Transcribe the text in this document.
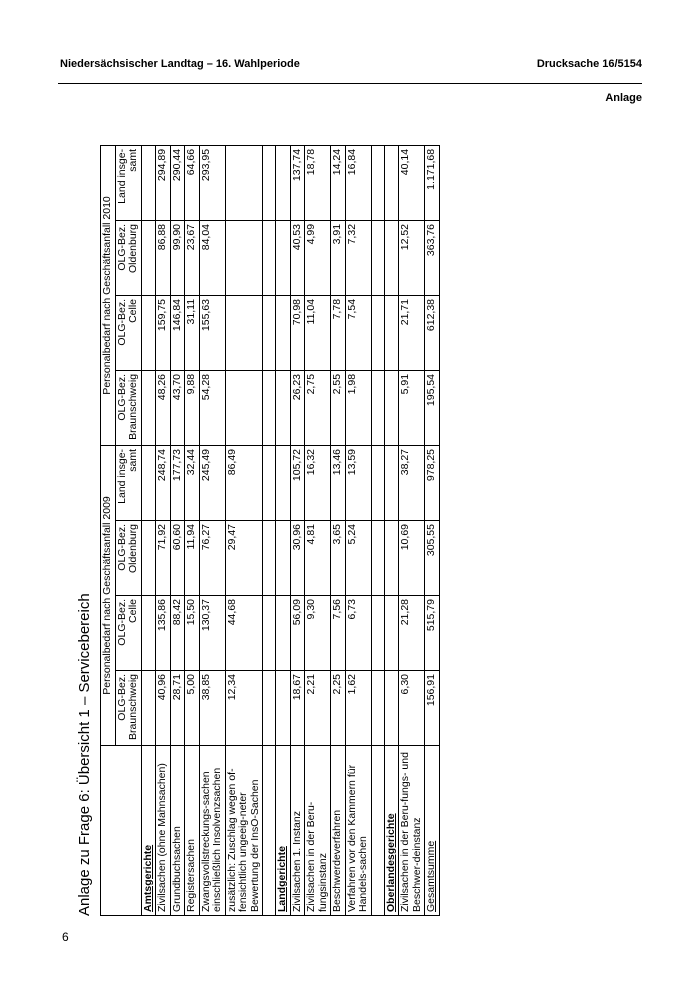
Niedersächsischer Landtag – 16. Wahlperiode	Drucksache 16/5154
Anlage
Anlage zu Frage 6: Übersicht 1 – Servicebereich
	Personalbedarf nach Geschäftsanfall 2009				Personalbedarf nach Geschäftsanfall 2010			
	OLG-Bez. Braunschweig	OLG-Bez. Celle	OLG-Bez. Oldenburg	Land insge-samt	OLG-Bez. Braunschweig	OLG-Bez. Celle	OLG-Bez. Oldenburg	Land insge-samt
Amtsgerichte								
Zivilsachen (ohne Mahnsachen)	40,96	135,86	71,92	248,74	48,26	159,75	86,88	294,89
Grundbuchsachen	28,71	88,42	60,60	177,73	43,70	146,84	99,90	290,44
Registersachen	5,00	15,50	11,94	32,44	9,88	31,11	23,67	64,66
Zwangsvollstreckungs-sachen einschließlich Insolvenzsachen	38,85	130,37	76,27	245,49	54,28	155,63	84,04	293,95
zusätzlich: Zuschlag wegen of-fensichtlich ungeeig-neter Bewertung der InsO-Sachen	12,34	44,68	29,47	86,49				

Landgerichte								
Zivilsachen 1. Instanz	18,67	56,09	30,96	105,72	26,23	70,98	40,53	137,74
Zivilsachen in der Beru-fungsinstanz	2,21	9,30	4,81	16,32	2,75	11,04	4,99	18,78
Beschwerdeverfahren	2,25	7,56	3,65	13,46	2,55	7,78	3,91	14,24
Verfahren vor den Kammern für Handels-sachen	1,62	6,73	5,24	13,59	1,98	7,54	7,32	16,84

Oberlandesgerichte								
Zivilsachen in der Beru-fungs- und Beschwer-deinstanz	6,30	21,28	10,69	38,27	5,91	21,71	12,52	40,14
Gesamtsumme	156,91	515,79	305,55	978,25	195,54	612,38	363,76	1.171,68
6
